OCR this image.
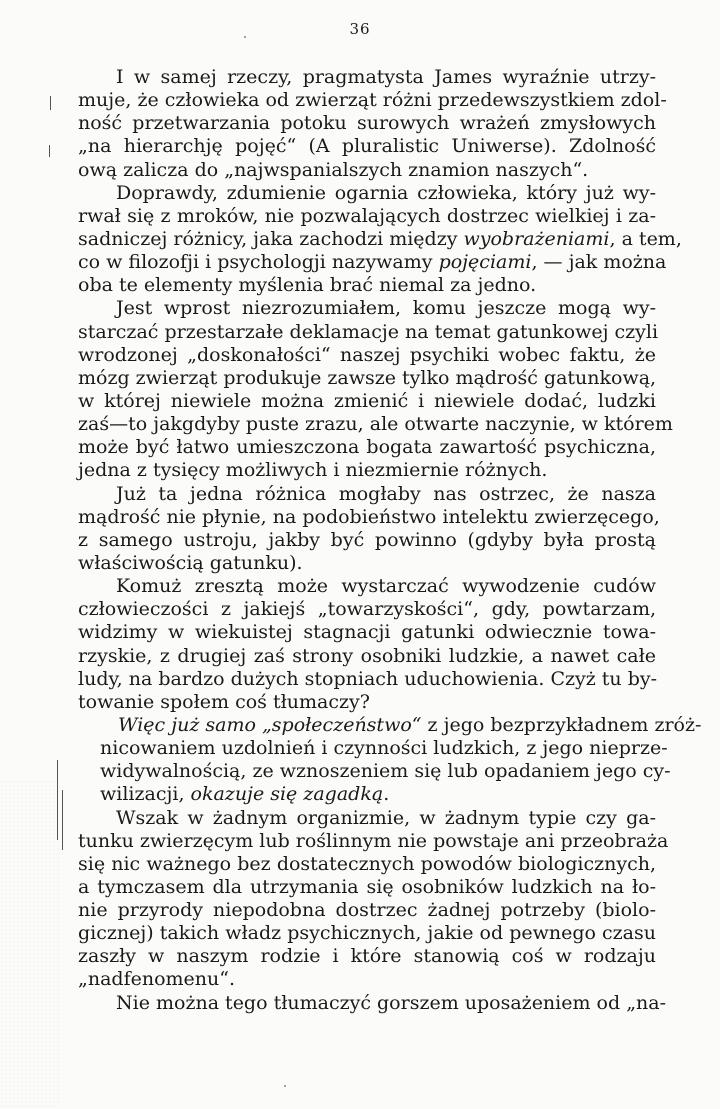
36
I w samej rzeczy, pragmatysta James wyraźnie utrzy-
muje, że człowieka od zwierząt różni przedewszystkiem zdol-
ność przetwarzania potoku surowych wrażeń zmysłowych
„na hierarchję pojęć“ (A pluralistic Uniwerse). Zdolność
ową zalicza do „najwspanialszych znamion naszych“.
Doprawdy, zdumienie ogarnia człowieka, który już wy-
rwał się z mroków, nie pozwalających dostrzec wielkiej i za-
sadniczej różnicy, jaka zachodzi między wyobrażeniami, a tem,
co w filozofji i psychologji nazywamy pojęciami, — jak można
oba te elementy myślenia brać niemal za jedno.
Jest wprost niezrozumiałem, komu jeszcze mogą wy-
starczać przestarzałe deklamacje na temat gatunkowej czyli
wrodzonej „doskonałości“ naszej psychiki wobec faktu, że
mózg zwierząt produkuje zawsze tylko mądrość gatunkową,
w której niewiele można zmienić i niewiele dodać, ludzki
zaś—to jakgdyby puste zrazu, ale otwarte naczynie, w którem
może być łatwo umieszczona bogata zawartość psychiczna,
jedna z tysięcy możliwych i niezmiernie różnych.
Już ta jedna różnica mogłaby nas ostrzec, że nasza
mądrość nie płynie, na podobieństwo intelektu zwierzęcego,
z samego ustroju, jakby być powinno (gdyby była prostą
właściwością gatunku).
Komuż zresztą może wystarczać wywodzenie cudów
człowieczości z jakiejś „towarzyskości“, gdy, powtarzam,
widzimy w wiekuistej stagnacji gatunki odwiecznie towa-
rzyskie, z drugiej zaś strony osobniki ludzkie, a nawet całe
ludy, na bardzo dużych stopniach uduchowienia. Czyż tu by-
towanie społem coś tłumaczy?
Więc już samo „społeczeństwo“ z jego bezprzykładnem zróż-
nicowaniem uzdolnień i czynności ludzkich, z jego nieprze-
widywalnością, ze wznoszeniem się lub opadaniem jego cy-
wilizacji, okazuje się zagadką.
Wszak w żadnym organizmie, w żadnym typie czy ga-
tunku zwierzęcym lub roślinnym nie powstaje ani przeobraża
się nic ważnego bez dostatecznych powodów biologicznych,
a tymczasem dla utrzymania się osobników ludzkich na ło-
nie przyrody niepodobna dostrzec żadnej potrzeby (biolo-
gicznej) takich władz psychicznych, jakie od pewnego czasu
zaszły w naszym rodzie i które stanowią coś w rodzaju
„nadfenomenu“.
Nie można tego tłumaczyć gorszem uposażeniem od „na-
